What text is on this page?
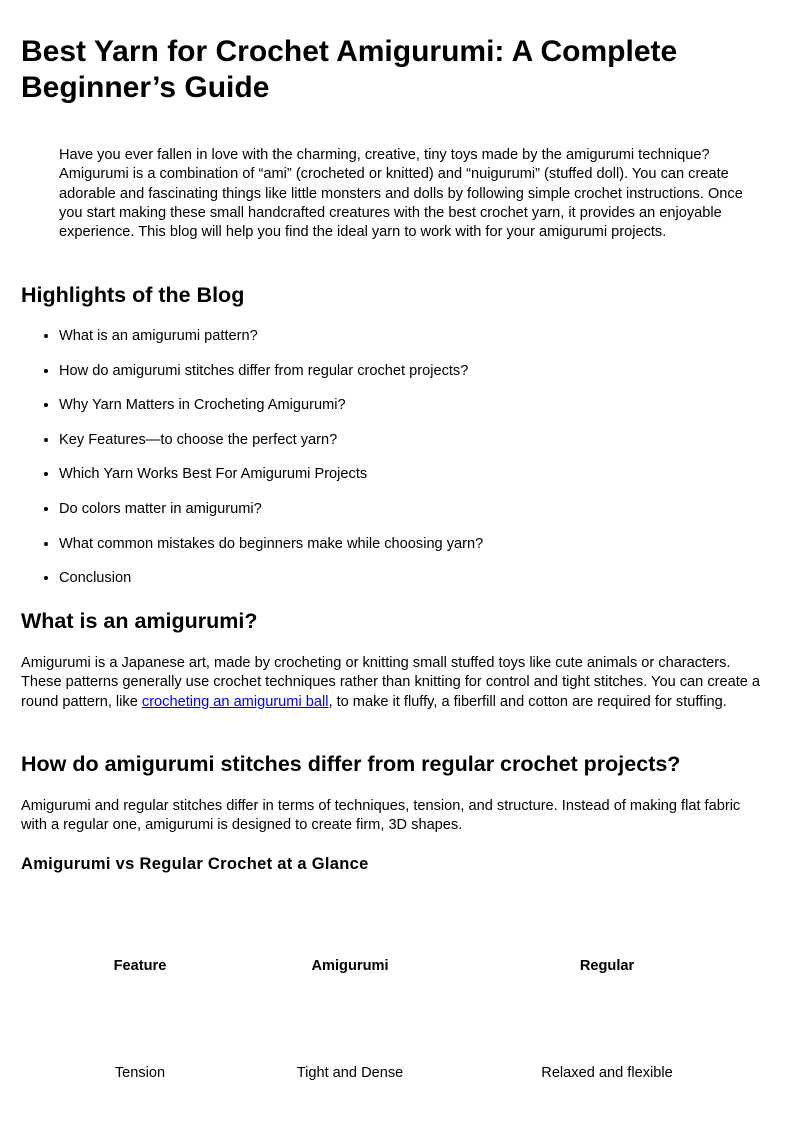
Best Yarn for Crochet Amigurumi: A Complete Beginner’s Guide

Have you ever fallen in love with the charming, creative, tiny toys made by the amigurumi technique? Amigurumi is a combination of “ami” (crocheted or knitted) and “nuigurumi” (stuffed doll). You can create adorable and fascinating things like little monsters and dolls by following simple crochet instructions. Once you start making these small handcrafted creatures with the best crochet yarn, it provides an enjoyable experience. This blog will help you find the ideal yarn to work with for your amigurumi projects.

Highlights of the Blog
• What is an amigurumi pattern?
• How do amigurumi stitches differ from regular crochet projects?
• Why Yarn Matters in Crocheting Amigurumi?
• Key Features—to choose the perfect yarn?
• Which Yarn Works Best For Amigurumi Projects
• Do colors matter in amigurumi?
• What common mistakes do beginners make while choosing yarn?
• Conclusion
What is an amigurumi?

Amigurumi is a Japanese art, made by crocheting or knitting small stuffed toys like cute animals or characters. These patterns generally use crochet techniques rather than knitting for control and tight stitches. You can create a round pattern, like crocheting an amigurumi ball, to make it fluffy, a fiberfill and cotton are required for stuffing.

How do amigurumi stitches differ from regular crochet projects?

Amigurumi and regular stitches differ in terms of techniques, tension, and structure. Instead of making flat fabric with a regular one, amigurumi is designed to create firm, 3D shapes.

Amigurumi vs Regular Crochet at a Glance
Feature	Amigurumi	Regular
Tension	Tight and Dense	Relaxed and flexible
